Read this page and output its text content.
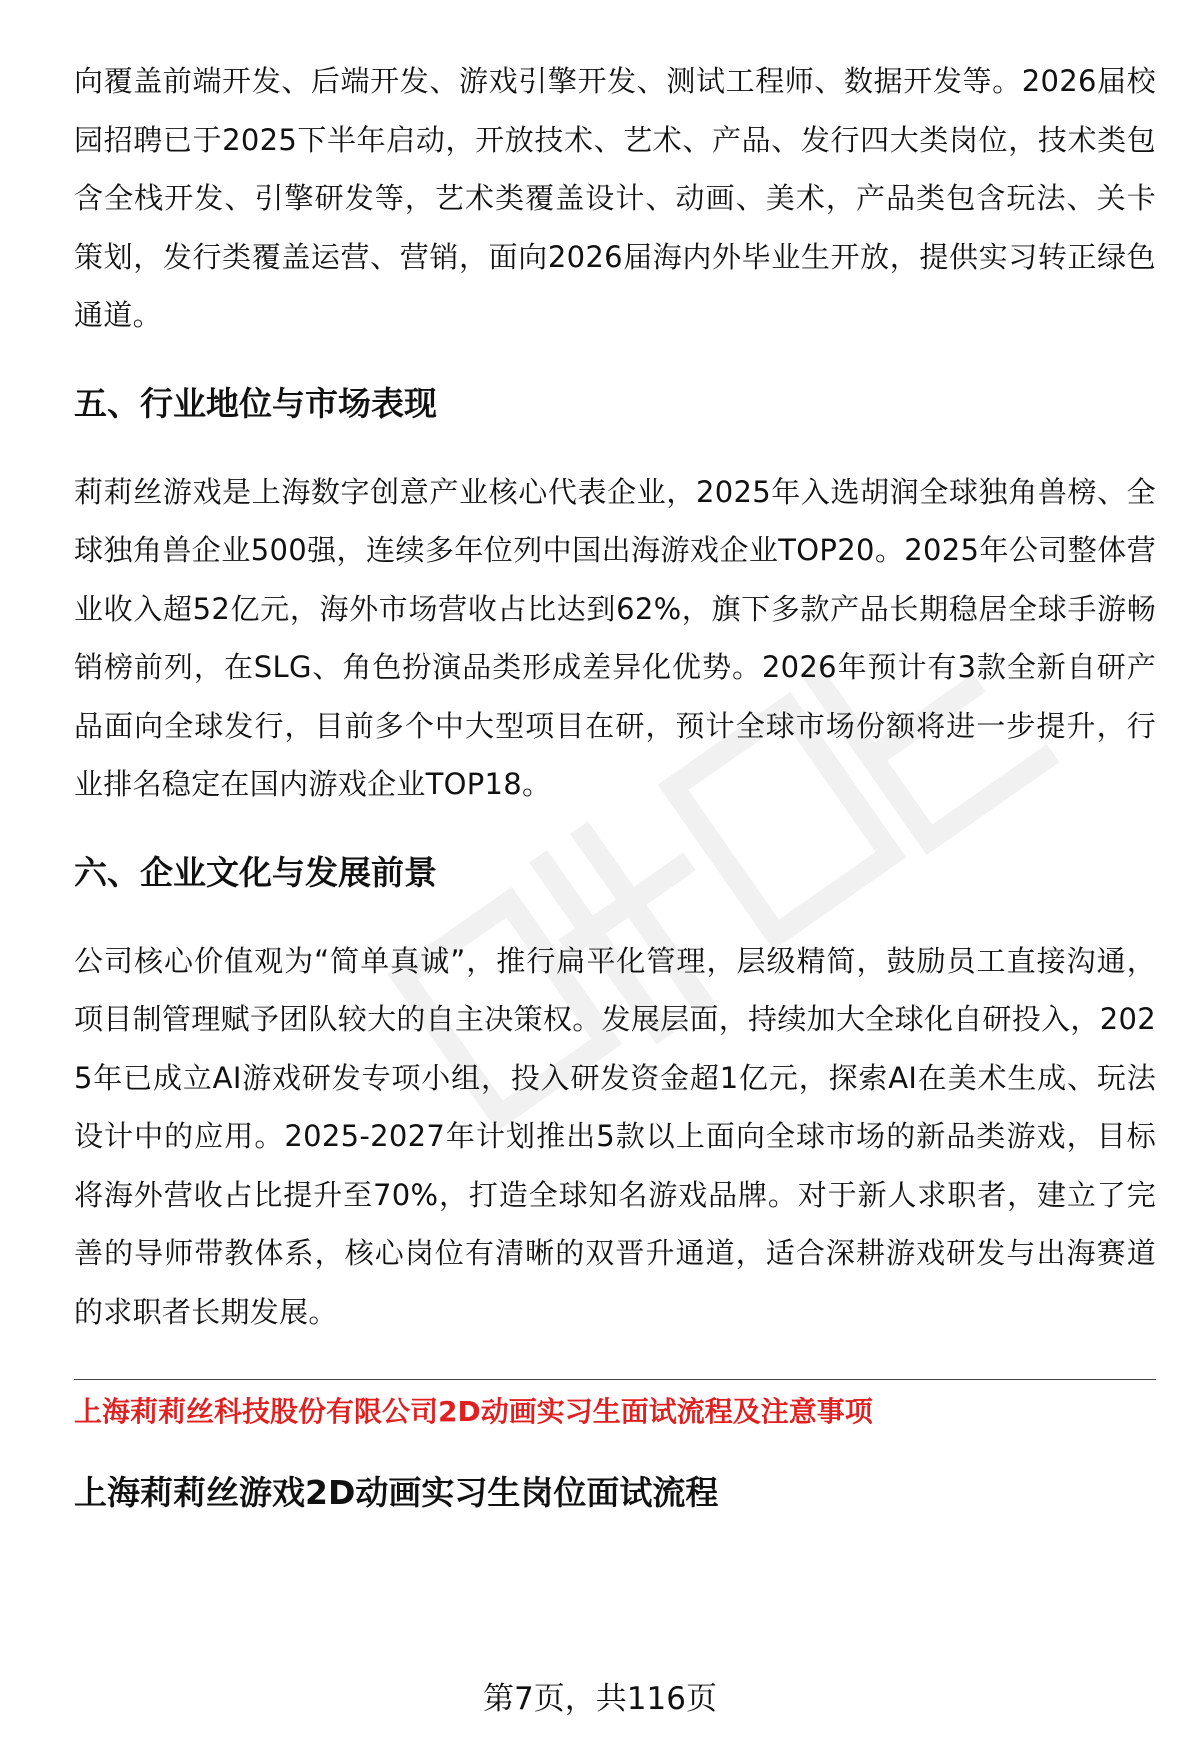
向覆盖前端开发、后端开发、游戏引擎开发、测试工程师、数据开发等。2026届校园招聘已于2025下半年启动，开放技术、艺术、产品、发行四大类岗位，技术类包含全栈开发、引擎研发等，艺术类覆盖设计、动画、美术，产品类包含玩法、关卡策划，发行类覆盖运营、营销，面向2026届海内外毕业生开放，提供实习转正绿色通道。

五、行业地位与市场表现

莉莉丝游戏是上海数字创意产业核心代表企业，2025年入选胡润全球独角兽榜、全球独角兽企业500强，连续多年位列中国出海游戏企业TOP20。2025年公司整体营业收入超52亿元，海外市场营收占比达到62%，旗下多款产品长期稳居全球手游畅销榜前列，在SLG、角色扮演品类形成差异化优势。2026年预计有3款全新自研产品面向全球发行，目前多个中大型项目在研，预计全球市场份额将进一步提升，行业排名稳定在国内游戏企业TOP18。

六、企业文化与发展前景

公司核心价值观为“简单真诚”，推行扁平化管理，层级精简，鼓励员工直接沟通，项目制管理赋予团队较大的自主决策权。发展层面，持续加大全球化自研投入，2025年已成立AI游戏研发专项小组，投入研发资金超1亿元，探索AI在美术生成、玩法设计中的应用。2025-2027年计划推出5款以上面向全球市场的新品类游戏，目标将海外营收占比提升至70%，打造全球知名游戏品牌。对于新人求职者，建立了完善的导师带教体系，核心岗位有清晰的双晋升通道，适合深耕游戏研发与出海赛道的求职者长期发展。

上海莉莉丝科技股份有限公司2D动画实习生面试流程及注意事项

上海莉莉丝游戏2D动画实习生岗位面试流程
第7页，共116页
